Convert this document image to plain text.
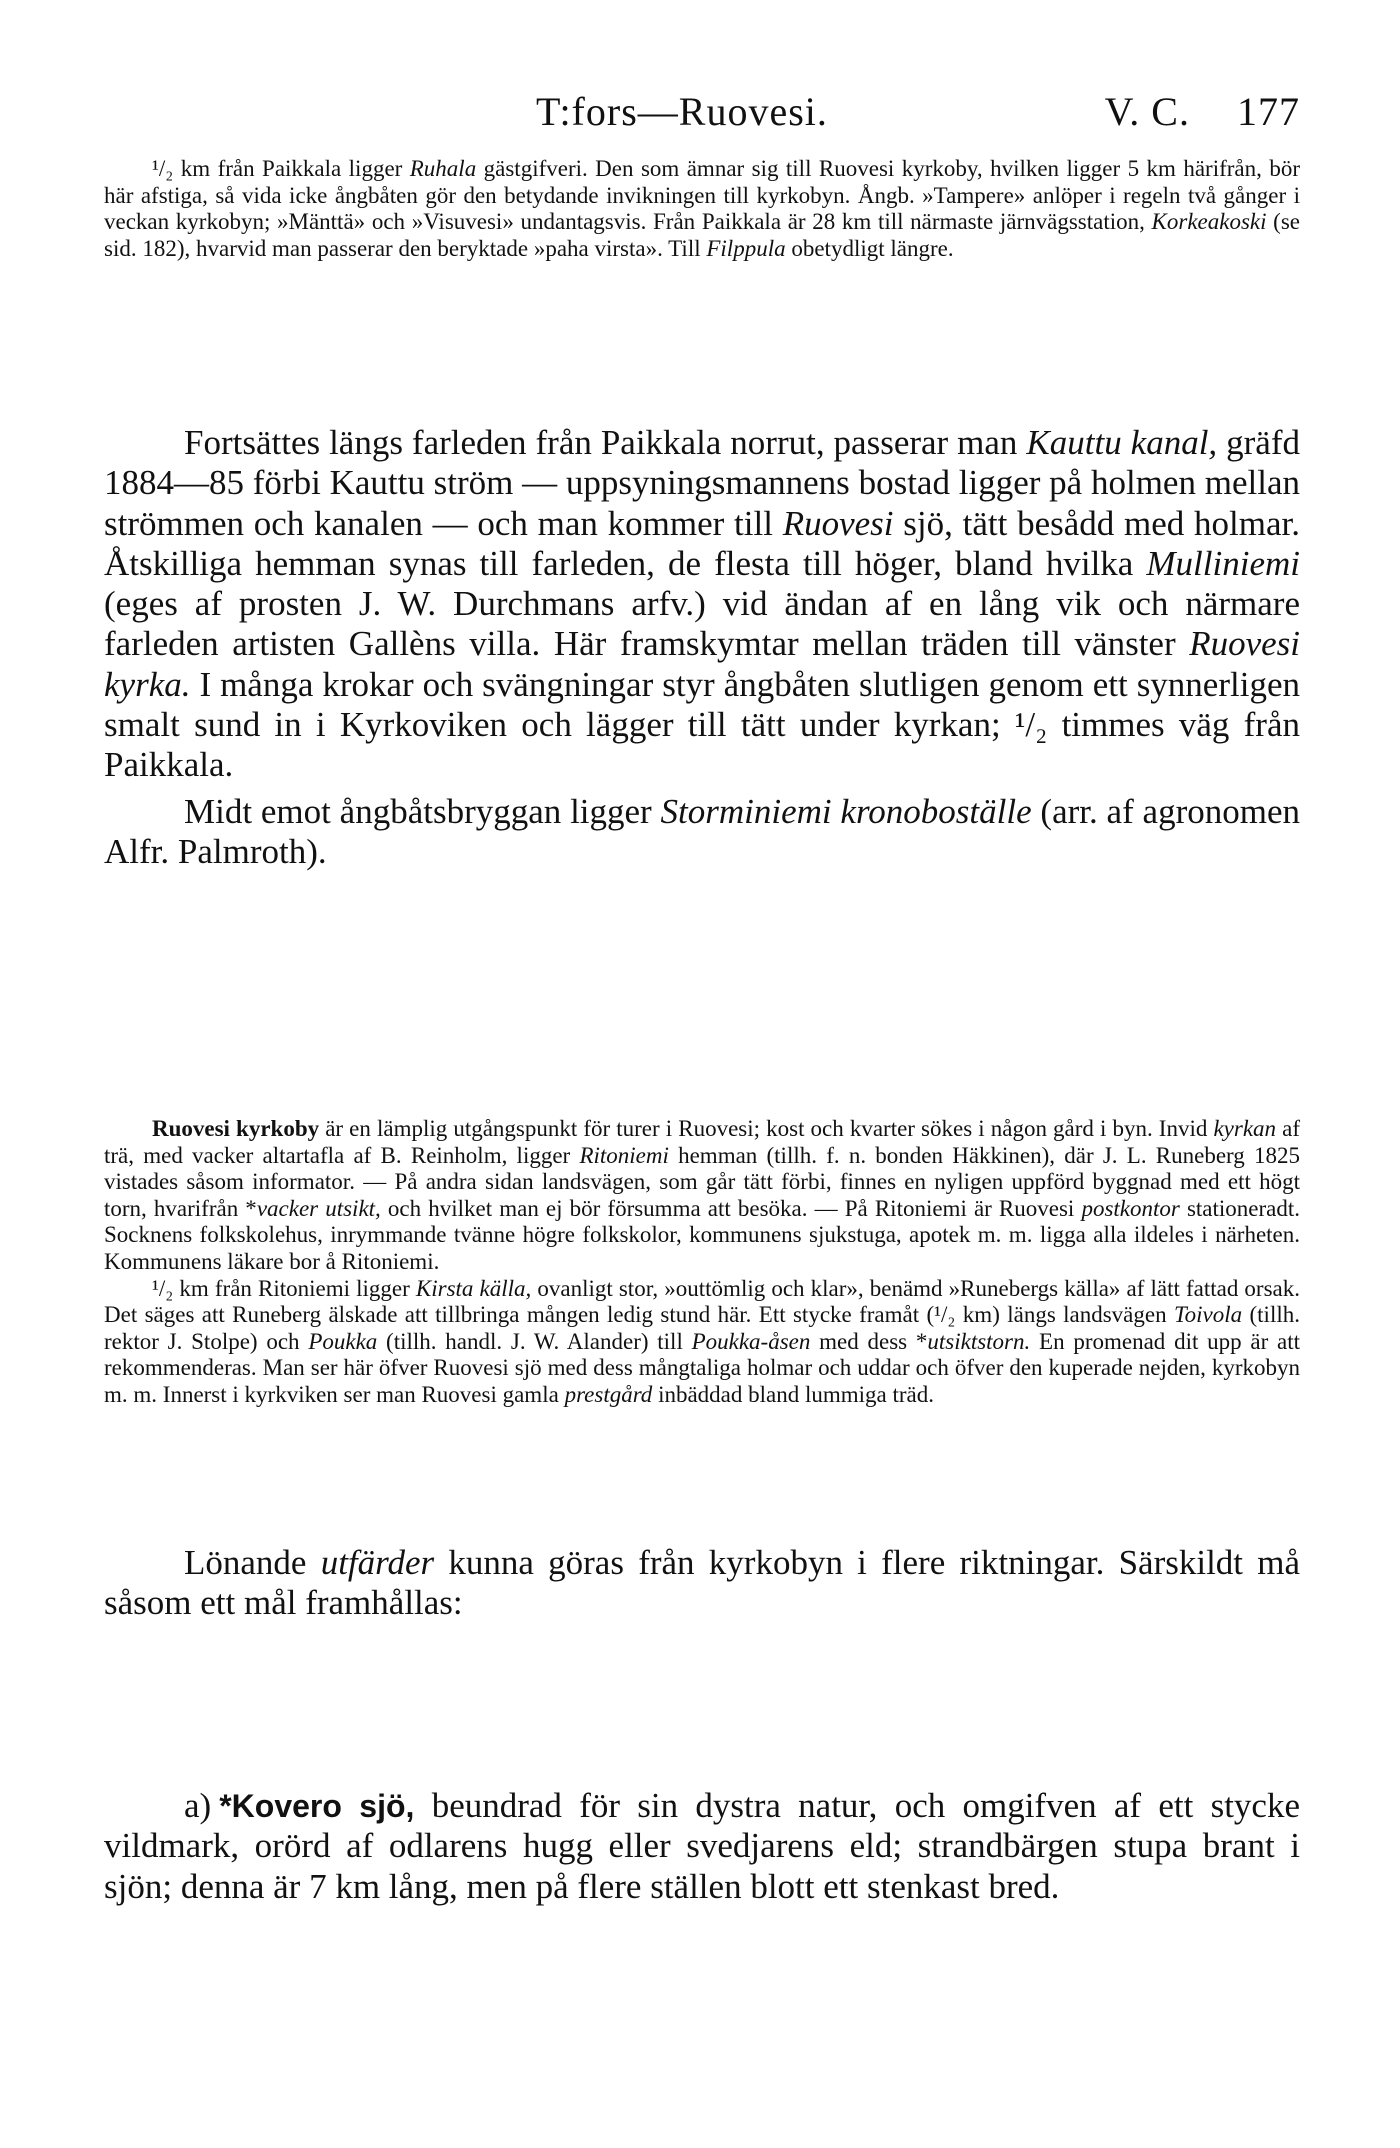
T:fors—Ruovesi.	V. C. 177

¹/₂ km från Paikkala ligger Ruhala gästgifveri. Den som ämnar sig till Ruovesi kyrkoby, hvilken ligger 5 km härifrån, bör här afstiga, så vida icke ångbåten gör den betydande invikningen till kyrkobyn. Ångb. »Tampere» anlöper i regeln två gånger i veckan kyrkobyn; »Mänttä» och »Visuvesi» undantagsvis. Från Paikkala är 28 km till närmaste järnvägsstation, Korkeakoski (se sid. 182), hvarvid man passerar den beryktade »paha virsta». Till Filppula obetydligt längre.

Fortsättes längs farleden från Paikkala norrut, passerar man Kauttu kanal, gräfd 1884—85 förbi Kauttu ström — uppsyningsmannens bostad ligger på holmen mellan strömmen och kanalen — och man kommer till Ruovesi sjö, tätt besådd med holmar. Åtskilliga hemman synas till farleden, de flesta till höger, bland hvilka Mulliniemi (eges af prosten J. W. Durchmans arfv.) vid ändan af en lång vik och närmare farleden artisten Gallèns villa. Här framskymtar mellan träden till vänster Ruovesi kyrka. I många krokar och svängningar styr ångbåten slutligen genom ett synnerligen smalt sund in i Kyrkoviken och lägger till tätt under kyrkan; ¹/₂ timmes väg från Paikkala.

Midt emot ångbåtsbryggan ligger Storminiemi kronoboställe (arr. af agronomen Alfr. Palmroth).

Ruovesi kyrkoby är en lämplig utgångspunkt för turer i Ruovesi; kost och kvarter sökes i någon gård i byn. Invid kyrkan af trä, med vacker altartafla af B. Reinholm, ligger Ritoniemi hemman (tillh. f. n. bonden Häkkinen), där J. L. Runeberg 1825 vistades såsom informator. — På andra sidan landsvägen, som går tätt förbi, finnes en nyligen uppförd byggnad med ett högt torn, hvarifrån *vacker utsikt, och hvilket man ej bör försumma att besöka. — På Ritoniemi är Ruovesi postkontor stationeradt. Socknens folkskolehus, inrymmande tvänne högre folkskolor, kommunens sjukstuga, apotek m. m. ligga alla ildeles i närheten. Kommunens läkare bor å Ritoniemi.

¹/₂ km från Ritoniemi ligger Kirsta källa, ovanligt stor, »outtömlig och klar», benämd »Runebergs källa» af lätt fattad orsak. Det säges att Runeberg älskade att tillbringa mången ledig stund här. Ett stycke framåt (¹/₂ km) längs landsvägen Toivola (tillh. rektor J. Stolpe) och Poukka (tillh. handl. J. W. Alander) till Poukka-åsen med dess *utsiktstorn. En promenad dit upp är att rekommenderas. Man ser här öfver Ruovesi sjö med dess mångtaliga holmar och uddar och öfver den kuperade nejden, kyrkobyn m. m. Innerst i kyrkviken ser man Ruovesi gamla prestgård inbäddad bland lummiga träd.

Lönande utfärder kunna göras från kyrkobyn i flere riktningar. Särskildt må såsom ett mål framhållas:

a) *Kovero sjö, beundrad för sin dystra natur, och omgifven af ett stycke vildmark, orörd af odlarens hugg eller svedjarens eld; strandbärgen stupa brant i sjön; denna är 7 km lång, men på flere ställen blott ett stenkast bred.
